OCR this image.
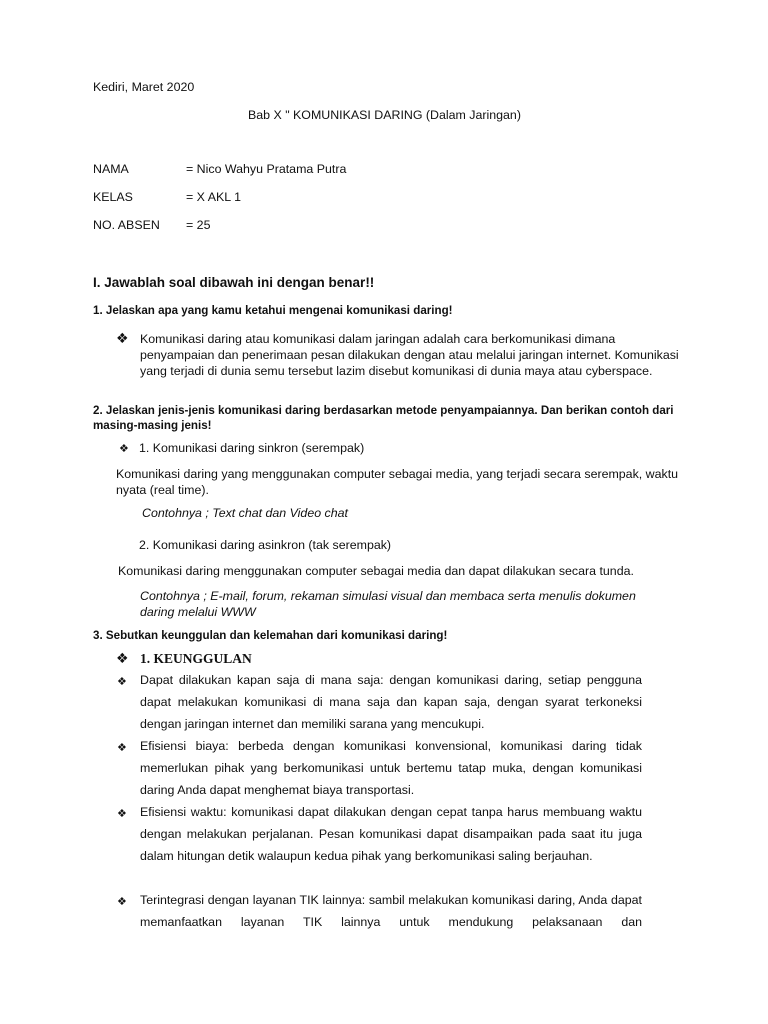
Kediri, Maret 2020
Bab X " KOMUNIKASI DARING (Dalam Jaringan)
NAMA	= Nico Wahyu Pratama Putra
KELAS	= X AKL 1
NO. ABSEN = 25
I. Jawablah soal dibawah ini dengan benar!!
1. Jelaskan apa yang kamu ketahui mengenai komunikasi daring!
❖ Komunikasi daring atau komunikasi dalam jaringan adalah cara berkomunikasi dimana penyampaian dan penerimaan pesan dilakukan dengan atau melalui jaringan internet. Komunikasi yang terjadi di dunia semu tersebut lazim disebut komunikasi di dunia maya atau cyberspace.
2. Jelaskan jenis-jenis komunikasi daring berdasarkan metode penyampaiannya. Dan berikan contoh dari masing-masing jenis!
❖ 1. Komunikasi daring sinkron (serempak)
Komunikasi daring yang menggunakan computer sebagai media, yang terjadi secara serempak, waktu nyata (real time).
Contohnya ; Text chat dan Video chat
2. Komunikasi daring asinkron (tak serempak)
Komunikasi daring menggunakan computer sebagai media dan dapat dilakukan secara tunda.
Contohnya ; E-mail, forum, rekaman simulasi visual dan membaca serta menulis dokumen daring melalui WWW
3. Sebutkan keunggulan dan kelemahan dari komunikasi daring!
❖ 1. KEUNGGULAN
❖ Dapat dilakukan kapan saja di mana saja: dengan komunikasi daring, setiap pengguna dapat melakukan komunikasi di mana saja dan kapan saja, dengan syarat terkoneksi dengan jaringan internet dan memiliki sarana yang mencukupi.
❖ Efisiensi biaya: berbeda dengan komunikasi konvensional, komunikasi daring tidak memerlukan pihak yang berkomunikasi untuk bertemu tatap muka, dengan komunikasi daring Anda dapat menghemat biaya transportasi.
❖ Efisiensi waktu: komunikasi dapat dilakukan dengan cepat tanpa harus membuang waktu dengan melakukan perjalanan. Pesan komunikasi dapat disampaikan pada saat itu juga dalam hitungan detik walaupun kedua pihak yang berkomunikasi saling berjauhan.
❖ Terintegrasi dengan layanan TIK lainnya: sambil melakukan komunikasi daring, Anda dapat memanfaatkan layanan TIK lainnya untuk mendukung pelaksanaan dan
